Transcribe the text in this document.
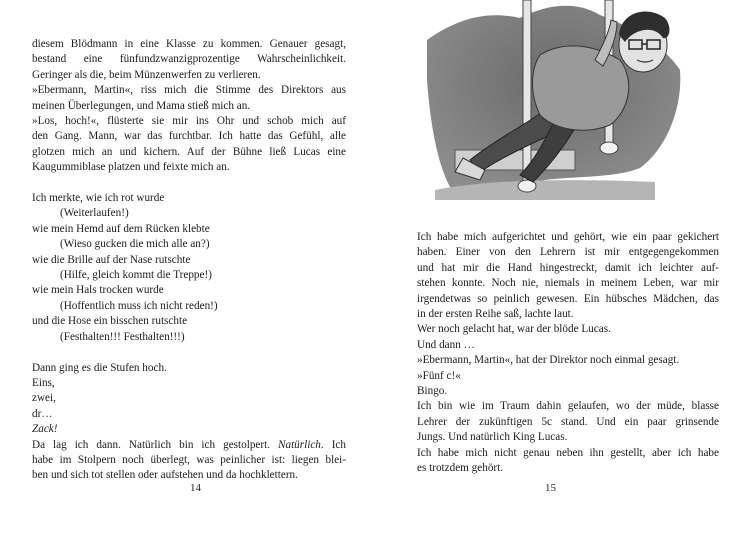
diesem Blödmann in eine Klasse zu kommen. Genauer gesagt,
bestand eine fünfundzwanzigprozentige Wahrscheinlichkeit.
Geringer als die, beim Münzenwerfen zu verlieren.
»Ebermann, Martin«, riss mich die Stimme des Direktors aus
meinen Überlegungen, und Mama stieß mich an.
»Los, hoch!«, flüsterte sie mir ins Ohr und schob mich auf
den Gang. Mann, war das furchtbar. Ich hatte das Gefühl, alle
glotzen mich an und kichern. Auf der Bühne ließ Lucas eine
Kaugummiblase platzen und feixte mich an.
Ich merkte, wie ich rot wurde
(Weiterlaufen!)
wie mein Hemd auf dem Rücken klebte
(Wieso gucken die mich alle an?)
wie die Brille auf der Nase rutschte
(Hilfe, gleich kommt die Treppe!)
wie mein Hals trocken wurde
(Hoffentlich muss ich nicht reden!)
und die Hose ein bisschen rutschte
(Festhalten!!! Festhalten!!!)
Dann ging es die Stufen hoch.
Eins,
zwei,
dr…
Zack!
Da lag ich dann. Natürlich bin ich gestolpert. Natürlich. Ich
habe im Stolpern noch überlegt, was peinlicher ist: liegen blei-
ben und sich tot stellen oder aufstehen und da hochklettern.
14
Ich habe mich aufgerichtet und gehört, wie ein paar gekichert
haben. Einer von den Lehrern ist mir entgegengekommen
und hat mir die Hand hingestreckt, damit ich leichter auf-
stehen konnte. Noch nie, niemals in meinem Leben, war mir
irgendetwas so peinlich gewesen. Ein hübsches Mädchen, das
in der ersten Reihe saß, lachte laut.
Wer noch gelacht hat, war der blöde Lucas.
Und dann …
»Ebermann, Martin«, hat der Direktor noch einmal gesagt.
»Fünf c!«
Bingo.
Ich bin wie im Traum dahin gelaufen, wo der müde, blasse
Lehrer der zukünftigen 5c stand. Und ein paar grinsende
Jungs. Und natürlich King Lucas.
Ich habe mich nicht genau neben ihn gestellt, aber ich habe
es trotzdem gehört.
15
